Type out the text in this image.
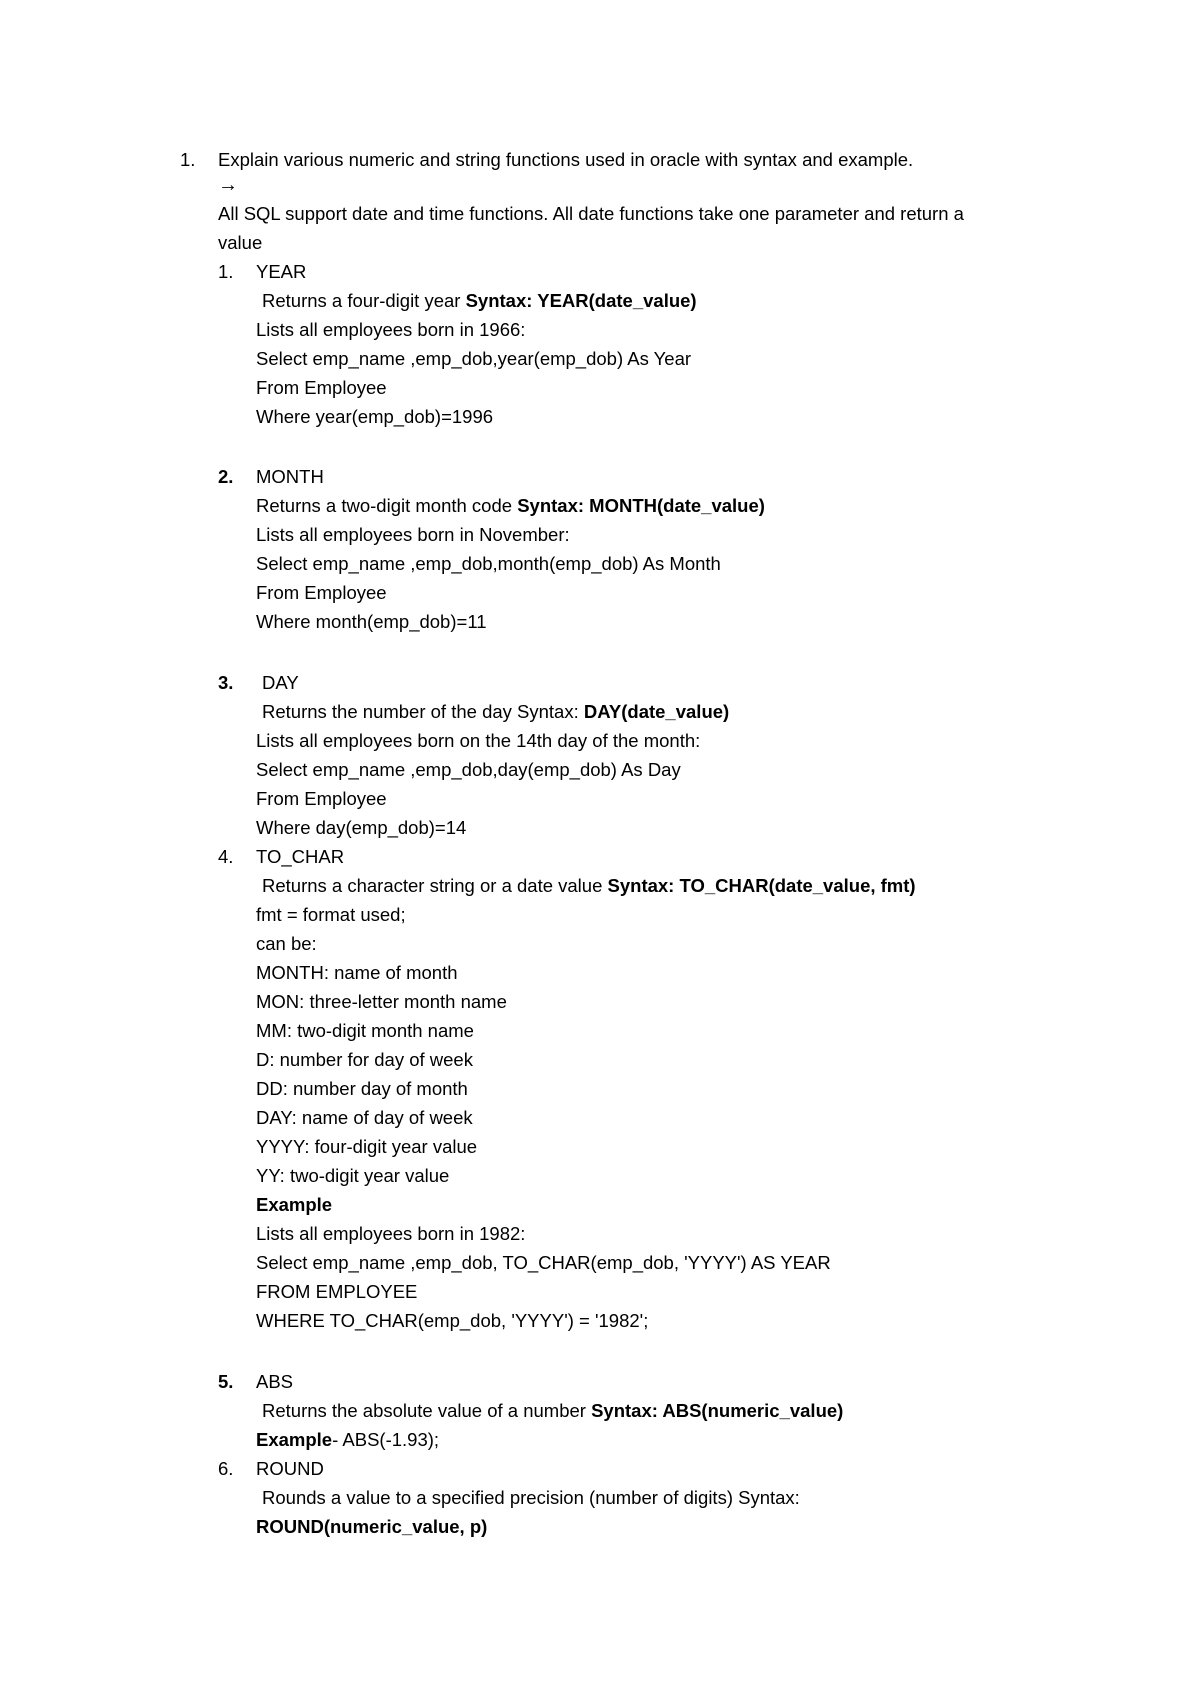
1. Explain various numeric and string functions used in oracle with syntax and example.
→
All SQL support date and time functions. All date functions take one parameter and return a
value
1. YEAR
Returns a four-digit year Syntax: YEAR(date_value)
Lists all employees born in 1966:
Select emp_name ,emp_dob,year(emp_dob) As Year
From Employee
Where year(emp_dob)=1996
2. MONTH
Returns a two-digit month code Syntax: MONTH(date_value)
Lists all employees born in November:
Select emp_name ,emp_dob,month(emp_dob) As Month
From Employee
Where month(emp_dob)=11
3. DAY
Returns the number of the day Syntax: DAY(date_value)
Lists all employees born on the 14th day of the month:
Select emp_name ,emp_dob,day(emp_dob) As Day
From Employee
Where day(emp_dob)=14
4. TO_CHAR
Returns a character string or a date value Syntax: TO_CHAR(date_value, fmt)
fmt = format used;
can be:
MONTH: name of month
MON: three-letter month name
MM: two-digit month name
D: number for day of week
DD: number day of month
DAY: name of day of week
YYYY: four-digit year value
YY: two-digit year value
Example
Lists all employees born in 1982:
Select emp_name ,emp_dob, TO_CHAR(emp_dob, 'YYYY') AS YEAR
FROM EMPLOYEE
WHERE TO_CHAR(emp_dob, 'YYYY') = '1982';
5. ABS
Returns the absolute value of a number Syntax: ABS(numeric_value)
Example- ABS(-1.93);
6. ROUND
Rounds a value to a specified precision (number of digits) Syntax:
ROUND(numeric_value, p)
